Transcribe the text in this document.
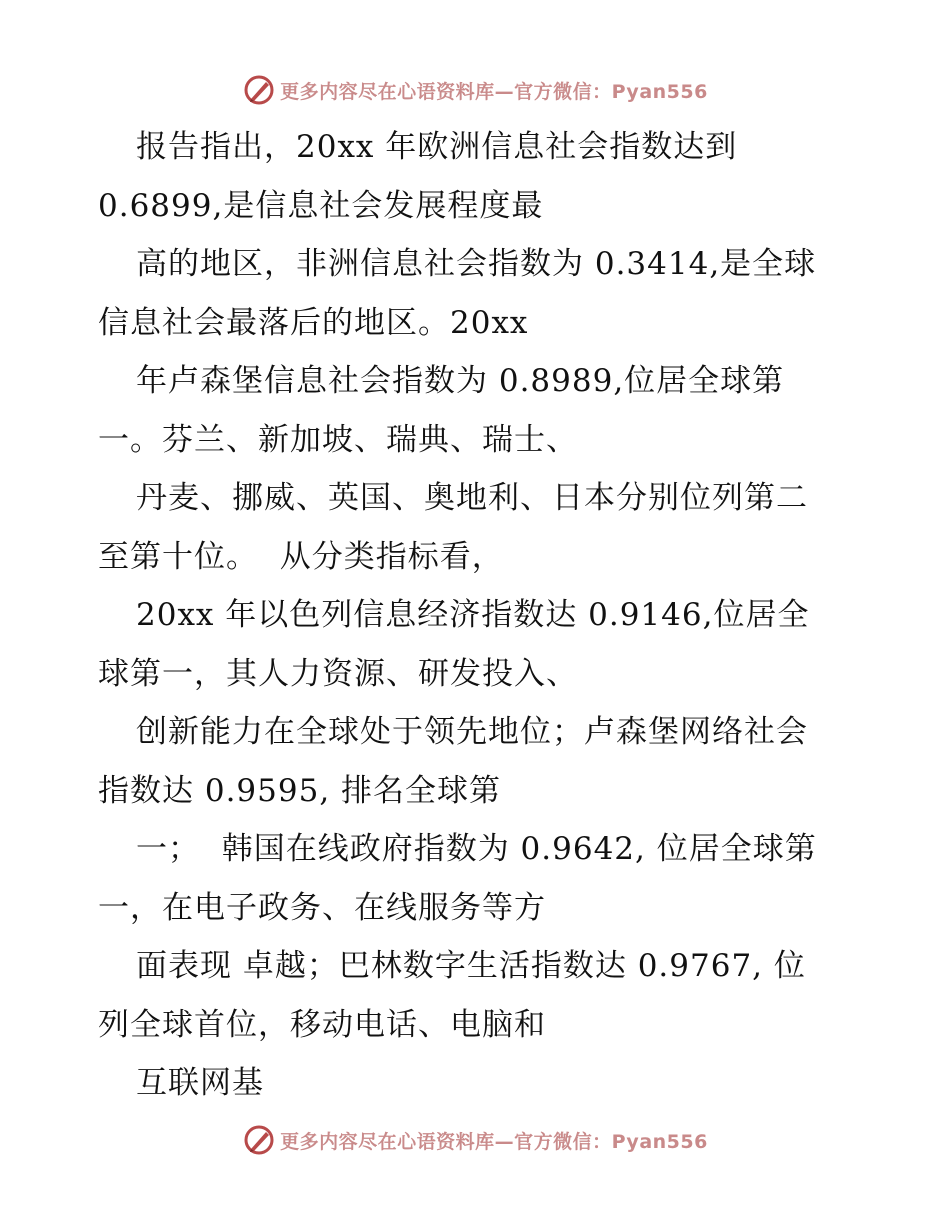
更多内容尽在心语资料库—官方微信：Pyan556
报告指出，20xx 年欧洲信息社会指数达到
0.6899,是信息社会发展程度最
高的地区，非洲信息社会指数为 0.3414,是全球
信息社会最落后的地区。20xx
年卢森堡信息社会指数为 0.8989,位居全球第
一。芬兰、新加坡、瑞典、瑞士、
丹麦、挪威、英国、奥地利、日本分别位列第二
至第十位。  从分类指标看，
20xx 年以色列信息经济指数达 0.9146,位居全
球第一，其人力资源、研发投入、
创新能力在全球处于领先地位；卢森堡网络社会
指数达 0.9595, 排名全球第
一；  韩国在线政府指数为 0.9642, 位居全球第
一，在电子政务、在线服务等方
面表现 卓越；巴林数字生活指数达 0.9767, 位
列全球首位，移动电话、电脑和
互联网基
更多内容尽在心语资料库—官方微信：Pyan556
